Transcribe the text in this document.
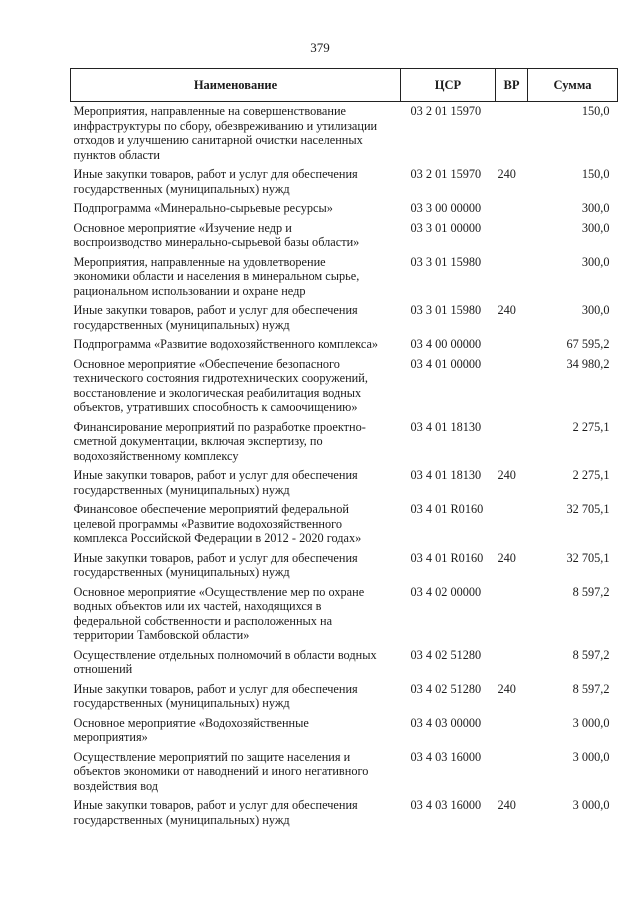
379
Наименование	ЦСР	ВР	Сумма
Мероприятия, направленные на совершенствование инфраструктуры по сбору, обезвреживанию и утилизации отходов и улучшению санитарной очистки населенных пунктов области	03 2 01 15970		150,0
Иные закупки товаров, работ и услуг для обеспечения государственных (муниципальных) нужд	03 2 01 15970	240	150,0
Подпрограмма «Минерально-сырьевые ресурсы»	03 3 00 00000		300,0
Основное мероприятие «Изучение недр и воспроизводство минерально-сырьевой базы области»	03 3 01 00000		300,0
Мероприятия, направленные на удовлетворение экономики области и населения в минеральном сырье, рациональном использовании и охране недр	03 3 01 15980		300,0
Иные закупки товаров, работ и услуг для обеспечения государственных (муниципальных) нужд	03 3 01 15980	240	300,0
Подпрограмма «Развитие водохозяйственного комплекса»	03 4 00 00000		67 595,2
Основное мероприятие «Обеспечение безопасного технического состояния гидротехнических сооружений, восстановление и экологическая реабилитация водных объектов, утративших способность к самоочищению»	03 4 01 00000		34 980,2
Финансирование мероприятий по разработке проектно-сметной документации, включая экспертизу, по водохозяйственному комплексу	03 4 01 18130		2 275,1
Иные закупки товаров, работ и услуг для обеспечения государственных (муниципальных) нужд	03 4 01 18130	240	2 275,1
Финансовое обеспечение мероприятий федеральной целевой программы «Развитие водохозяйственного комплекса Российской Федерации в 2012 - 2020 годах»	03 4 01 R0160		32 705,1
Иные закупки товаров, работ и услуг для обеспечения государственных (муниципальных) нужд	03 4 01 R0160	240	32 705,1
Основное мероприятие «Осуществление мер по охране водных объектов или их частей, находящихся в федеральной собственности и расположенных на территории Тамбовской области»	03 4 02 00000		8 597,2
Осуществление отдельных полномочий в области водных отношений	03 4 02 51280		8 597,2
Иные закупки товаров, работ и услуг для обеспечения государственных (муниципальных) нужд	03 4 02 51280	240	8 597,2
Основное мероприятие «Водохозяйственные мероприятия»	03 4 03 00000		3 000,0
Осуществление мероприятий по защите населения и объектов экономики от наводнений и иного негативного воздействия вод	03 4 03 16000		3 000,0
Иные закупки товаров, работ и услуг для обеспечения государственных (муниципальных) нужд	03 4 03 16000	240	3 000,0
